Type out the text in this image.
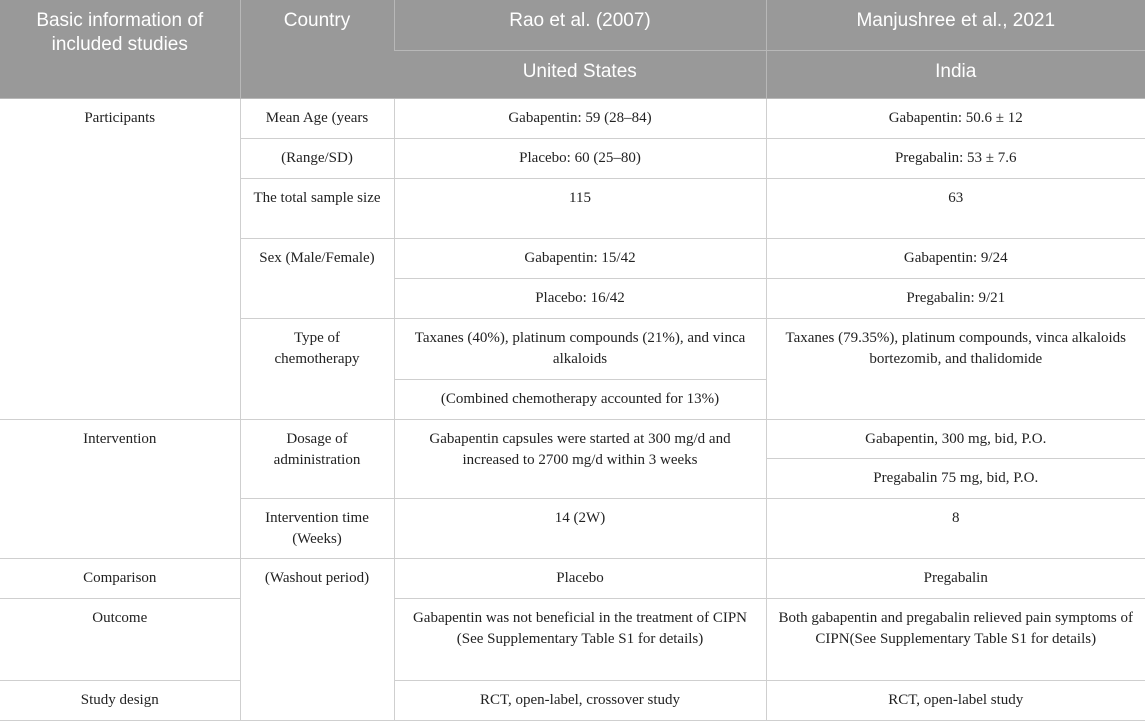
Basic information of included studies	Country	Rao et al. (2007)	Manjushree et al., 2021
		United States	India
Participants	Mean Age (years	Gabapentin: 59 (28–84)	Gabapentin: 50.6 ± 12
	(Range/SD)	Placebo: 60 (25–80)	Pregabalin: 53 ± 7.6
	The total sample size	115	63
	Sex (Male/Female)	Gabapentin: 15/42	Gabapentin: 9/24
		Placebo: 16/42	Pregabalin: 9/21
	Type of chemotherapy	Taxanes (40%), platinum compounds (21%), and vinca alkaloids	Taxanes (79.35%), platinum compounds, vinca alkaloids bortezomib, and thalidomide
		(Combined chemotherapy accounted for 13%)	
Intervention	Dosage of administration	Gabapentin capsules were started at 300 mg/d and increased to 2700 mg/d within 3 weeks	Gabapentin, 300 mg, bid, P.O.
			Pregabalin 75 mg, bid, P.O.
	Intervention time (Weeks)	14 (2W)	8
Comparison	(Washout period)	Placebo	Pregabalin
Outcome		Gabapentin was not beneficial in the treatment of CIPN (See Supplementary Table S1 for details)	Both gabapentin and pregabalin relieved pain symptoms of CIPN(See Supplementary Table S1 for details)
Study design		RCT, open-label, crossover study	RCT, open-label study
